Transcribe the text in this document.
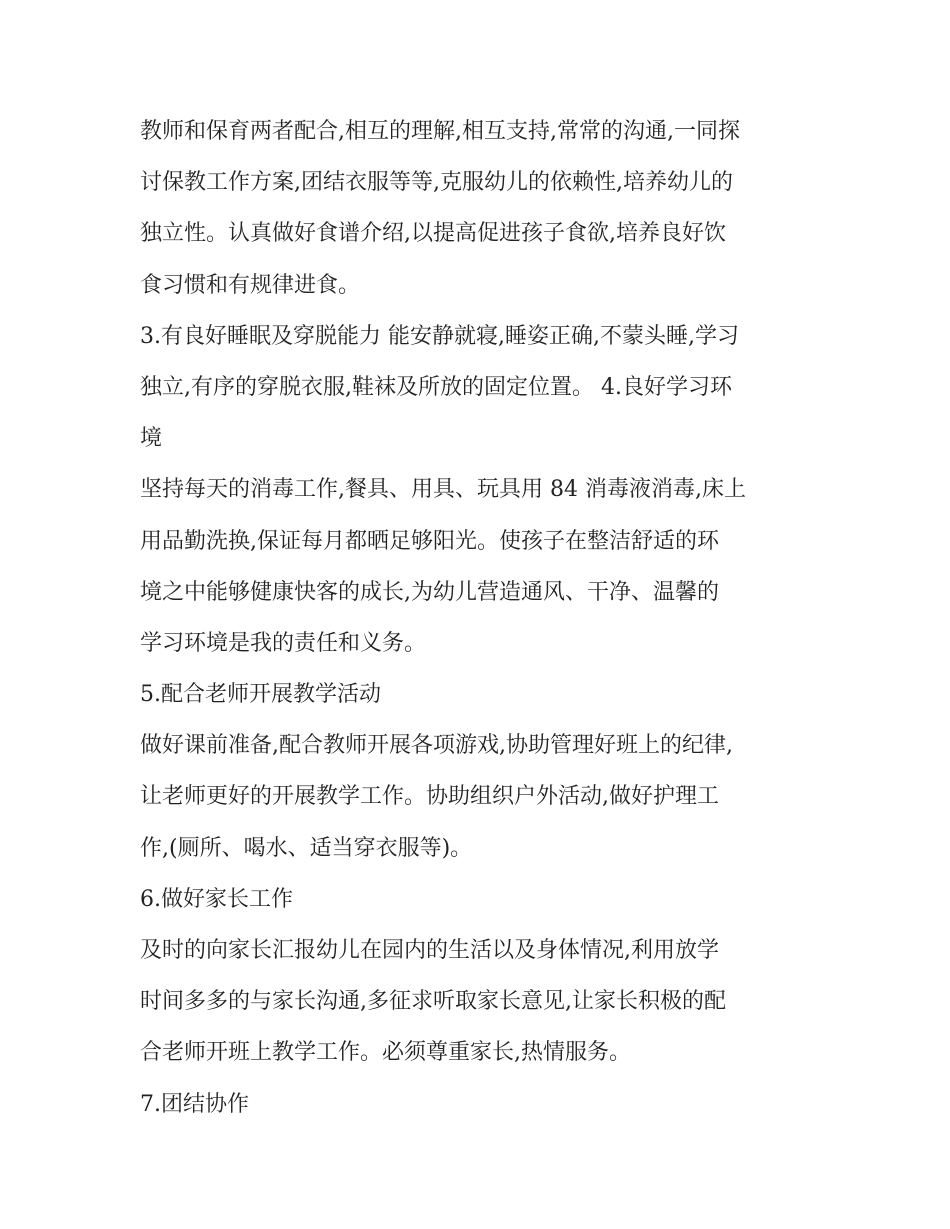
教师和保育两者配合,相互的理解,相互支持,常常的沟通,一同探
讨保教工作方案,团结衣服等等,克服幼儿的依赖性,培养幼儿的
独立性。认真做好食谱介绍,以提高促进孩子食欲,培养良好饮
食习惯和有规律进食。
3.有良好睡眠及穿脱能力 能安静就寝,睡姿正确,不蒙头睡,学习
独立,有序的穿脱衣服,鞋袜及所放的固定位置。 4.良好学习环
境
坚持每天的消毒工作,餐具、用具、玩具用 84 消毒液消毒,床上
用品勤洗换,保证每月都晒足够阳光。使孩子在整洁舒适的环
境之中能够健康快客的成长,为幼儿营造通风、干净、温馨的
学习环境是我的责任和义务。
5.配合老师开展教学活动
做好课前准备,配合教师开展各项游戏,协助管理好班上的纪律,
让老师更好的开展教学工作。协助组织户外活动,做好护理工
作,(厕所、喝水、适当穿衣服等)。
6.做好家长工作
及时的向家长汇报幼儿在园内的生活以及身体情况,利用放学
时间多多的与家长沟通,多征求听取家长意见,让家长积极的配
合老师开班上教学工作。必须尊重家长,热情服务。
7.团结协作
